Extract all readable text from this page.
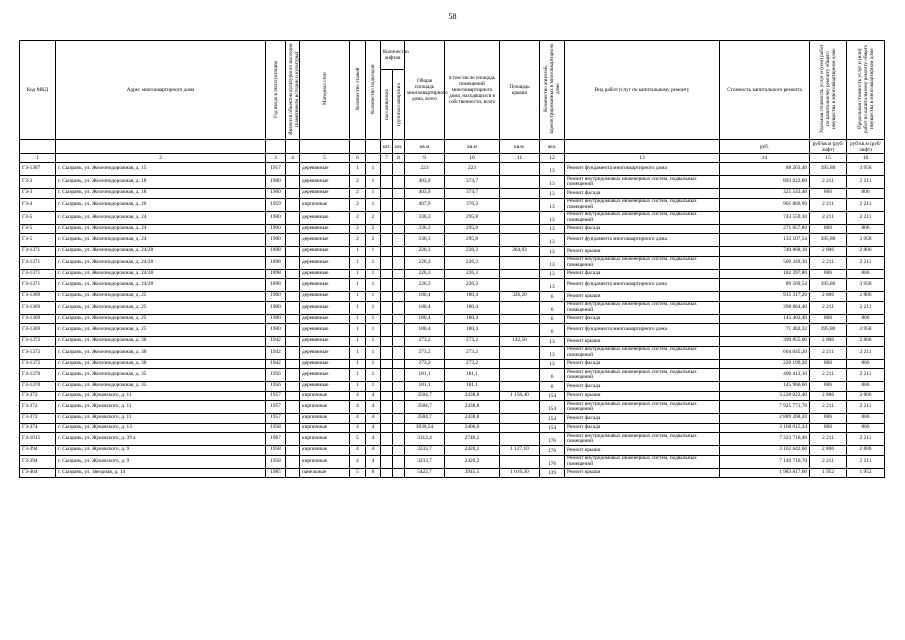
58
Код МКД	Адрес многоквартирного дома	Год ввода в эксплуатацию	Является объектом культурного наследия (памятником истории и культуры)	Материал стен	Количество этажей	Количество подъездов	Количество лифтов		Общая площадь многоквартирного дома, всего	в том числе площадь помещений многоквартирного дома, находящихся в собственности, всего	Площадь крыши	Количество жителей, зарегистрированных в многоквартирном доме	Вид работ/услуг по капитальному ремонту	Стоимость капитального ремонта	Удельная стоимость услуг и (или) работ по капитальному ремонту общего имущества в многоквартирном доме	Предельная стоимость услуг и (или) работ по капитальному ремонту общего имущества в многоквартирном доме
							пассажирских	грузопассажирских								
							шт.	шт.	кв.м	кв.м	кв.м.	чел.		руб.	руб/кв.м (руб/лифт)	руб/кв.м (руб/лифт)
1	2	3	4	5	6		7	8	9	10	11	12	13	14	15	16
ГЗ-1367	г. Сызрань, ул. Железнодорожная, д. 15	1917		деревянные	1	1			223	223		13	Ремонт фундамента многоквартирного дома	88 263,40	395,80	3 958
ГЗ-3	г. Сызрань, ул. Железнодорожная, д. 18	1960		деревянные	2	1			403,9	374,7		13	Ремонт внутридомовых инженерных систем, подвальных помещений	893 022,00	2 211	2 211
ГЗ-3	г. Сызрань, ул. Железнодорожная, д. 18	1960		деревянные	2	1			403,9	374,7		13	Ремонт фасада	325 543,40	806	806
ГЗ-4	г. Сызрань, ул. Железнодорожная, д. 20	1959		кирпичные	2	1			407,9	376,3		13	Ремонт внутридомовых инженерных систем, подвальных помещений	901 866,90	2 211	2 211
ГЗ-5	г. Сызрань, ул. Железнодорожная, д. 24	1900		деревянные	2	2			336,3	295,8		13	Ремонт внутридомовых инженерных систем, подвальных помещений	743 559,30	2 211	2 211
ГЗ-5	г. Сызрань, ул. Железнодорожная, д. 24	1900		деревянные	2	2			336,3	295,8		13	Ремонт фасада	271 057,80	806	806
ГЗ-5	г. Сызрань, ул. Железнодорожная, д. 24	1900		деревянные	2	2			336,3	295,8		13	Ремонт фундамента многоквартирного дома	133 107,54	395,80	3 958
ГЗ-1371	г. Сызрань, ул. Железнодорожная, д. 24/28	1898		деревянные	1	1			226,3	226,3	264,03	13	Ремонт крыши	740 868,18	2 806	2 806
ГЗ-1371	г. Сызрань, ул. Железнодорожная, д. 24/28	1898		деревянные	1	1			226,3	226,3		13	Ремонт внутридомовых инженерных систем, подвальных помещений	500 349,30	2 211	2 211
ГЗ-1371	г. Сызрань, ул. Железнодорожная, д. 24/28	1898		деревянные	1	1			226,3	226,3		13	Ремонт фасада	182 397,80	806	806
ГЗ-1371	г. Сызрань, ул. Железнодорожная, д. 24/28	1898		деревянные	1	1			226,3	226,3		13	Ремонт фундамента многоквартирного дома	89 569,54	395,80	3 958
ГЗ-1369	г. Сызрань, ул. Железнодорожная, д. 25	1900		деревянные	1	1			180,4	180,4	326,20	6	Ремонт крыши	915 317,20	2 806	2 806
ГЗ-1369	г. Сызрань, ул. Железнодорожная, д. 25	1900		деревянные	1	1			180,4	180,4		6	Ремонт внутридомовых инженерных систем, подвальных помещений	398 864,40	2 211	2 211
ГЗ-1369	г. Сызрань, ул. Железнодорожная, д. 25	1900		деревянные	1	1			180,4	180,4		6	Ремонт фасада	145 402,40	806	806
ГЗ-1369	г. Сызрань, ул. Железнодорожная, д. 25	1900		деревянные	1	1			180,4	180,4		6	Ремонт фундамента многоквартирного дома	71 402,32	395,80	3 958
ГЗ-1372	г. Сызрань, ул. Железнодорожная, д. 30	1942		деревянные	1	1			273,2	273,2	142,50	13	Ремонт крыши	399 855,00	2 806	2 806
ГЗ-1372	г. Сызрань, ул. Железнодорожная, д. 30	1942		деревянные	1	1			273,2	273,2		13	Ремонт внутридомовых инженерных систем, подвальных помещений	604 045,20	2 211	2 211
ГЗ-1372	г. Сызрань, ул. Железнодорожная, д. 30	1942		деревянные	1	1			273,2	273,2		13	Ремонт фасада	220 199,20	806	806
ГЗ-1370	г. Сызрань, ул. Железнодорожная, д. 35	1956		деревянные	1	1			181,1	181,1		6	Ремонт внутридомовых инженерных систем, подвальных помещений	400 412,10	2 211	2 211
ГЗ-1370	г. Сызрань, ул. Железнодорожная, д. 35	1956		деревянные	1	1			181,1	181,1		6	Ремонт фасада	145 966,60	806	806
ГЗ-372	г. Сызрань, ул. Жуковского, д. 11	1957		кирпичные	4	4			3584,7	2438,8	1 150,40	154	Ремонт крыши	3 228 022,40	2 806	2 806
ГЗ-372	г. Сызрань, ул. Жуковского, д. 11	1957		кирпичные	4	4			3584,7	2438,8		154	Ремонт внутридомовых инженерных систем, подвальных помещений	7 925 771,70	2 211	2 211
ГЗ-372	г. Сызрань, ул. Жуковского, д. 11	1957		кирпичные	4	4			3584,7	2438,8		154	Ремонт фасада	2 889 268,20	806	806
ГЗ-374	г. Сызрань, ул. Жуковского, д. 13	1958		кирпичные	4	4			3930,54	2406,6		154	Ремонт фасада	3 168 015,24	806	806
ГЗ-1015	г. Сызрань, ул. Жуковского, д. 39 а	1967		кирпичные	5	4			3312,4	2740,2		176	Ремонт внутридомовых инженерных систем, подвальных помещений	7 323 716,40	2 211	2 211
ГЗ-394	г. Сызрань, ул. Жуковского, д. 9	1958		кирпичные	4	4			3233,7	2420,2	1 127,10	176	Ремонт крыши	3 162 642,60	2 806	2 806
ГЗ-394	г. Сызрань, ул. Жуковского, д. 9	1958		кирпичные	4	4			3233,7	2420,2		176	Ремонт внутридомовых инженерных систем, подвальных помещений	7 149 710,70	2 211	2 211
ГЗ-404	г. Сызрань, ул. Звездная, д. 14	1985		панельные	5	6			5422,7	3945,5	1 016,30	139	Ремонт крыши	1 983 817,00	1 952	1 952
